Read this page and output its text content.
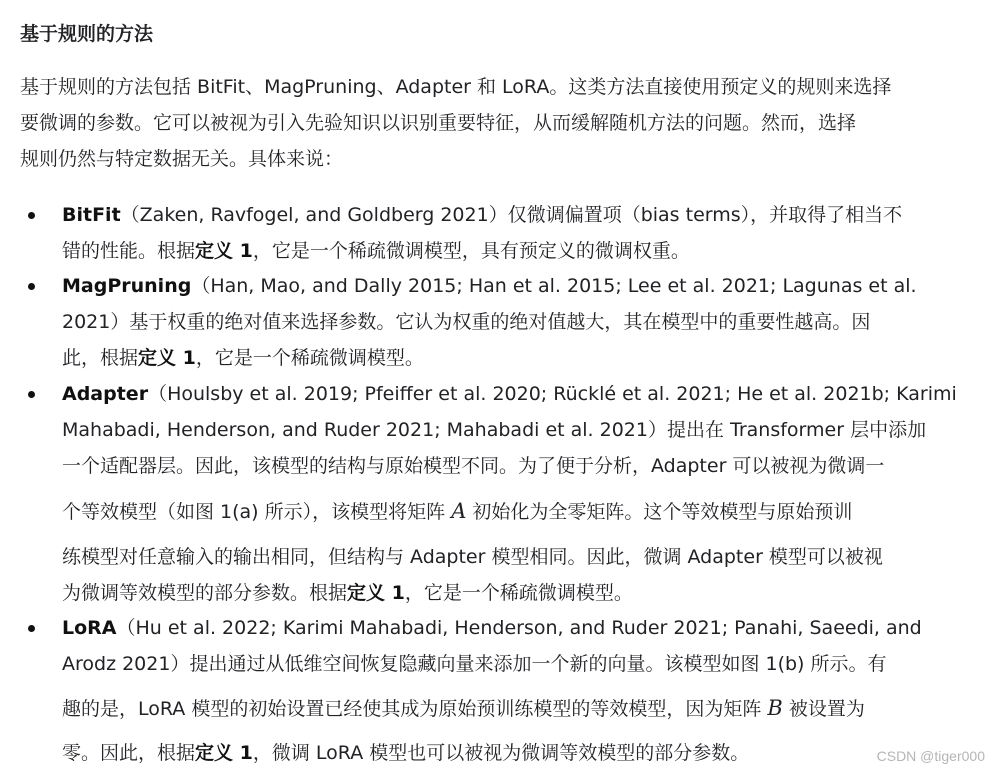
基于规则的方法

基于规则的方法包括 BitFit、MagPruning、Adapter 和 LoRA。这类方法直接使用预定义的规则来选择
要微调的参数。它可以被视为引入先验知识以识别重要特征，从而缓解随机方法的问题。然而，选择
规则仍然与特定数据无关。具体来说：

BitFit（Zaken, Ravfogel, and Goldberg 2021）仅微调偏置项（bias terms），并取得了相当不
错的性能。根据定义 1，它是一个稀疏微调模型，具有预定义的微调权重。
MagPruning（Han, Mao, and Dally 2015; Han et al. 2015; Lee et al. 2021; Lagunas et al.
2021）基于权重的绝对值来选择参数。它认为权重的绝对值越大，其在模型中的重要性越高。因
此，根据定义 1，它是一个稀疏微调模型。
Adapter（Houlsby et al. 2019; Pfeiffer et al. 2020; Rücklé et al. 2021; He et al. 2021b; Karimi
Mahabadi, Henderson, and Ruder 2021; Mahabadi et al. 2021）提出在 Transformer 层中添加
一个适配器层。因此，该模型的结构与原始模型不同。为了便于分析，Adapter 可以被视为微调一
个等效模型（如图 1(a) 所示），该模型将矩阵 A 初始化为全零矩阵。这个等效模型与原始预训
练模型对任意输入的输出相同，但结构与 Adapter 模型相同。因此，微调 Adapter 模型可以被视
为微调等效模型的部分参数。根据定义 1，它是一个稀疏微调模型。
LoRA（Hu et al. 2022; Karimi Mahabadi, Henderson, and Ruder 2021; Panahi, Saeedi, and
Arodz 2021）提出通过从低维空间恢复隐藏向量来添加一个新的向量。该模型如图 1(b) 所示。有
趣的是，LoRA 模型的初始设置已经使其成为原始预训练模型的等效模型，因为矩阵 B 被设置为
零。因此，根据定义 1，微调 LoRA 模型也可以被视为微调等效模型的部分参数。	CSDN @tiger000
